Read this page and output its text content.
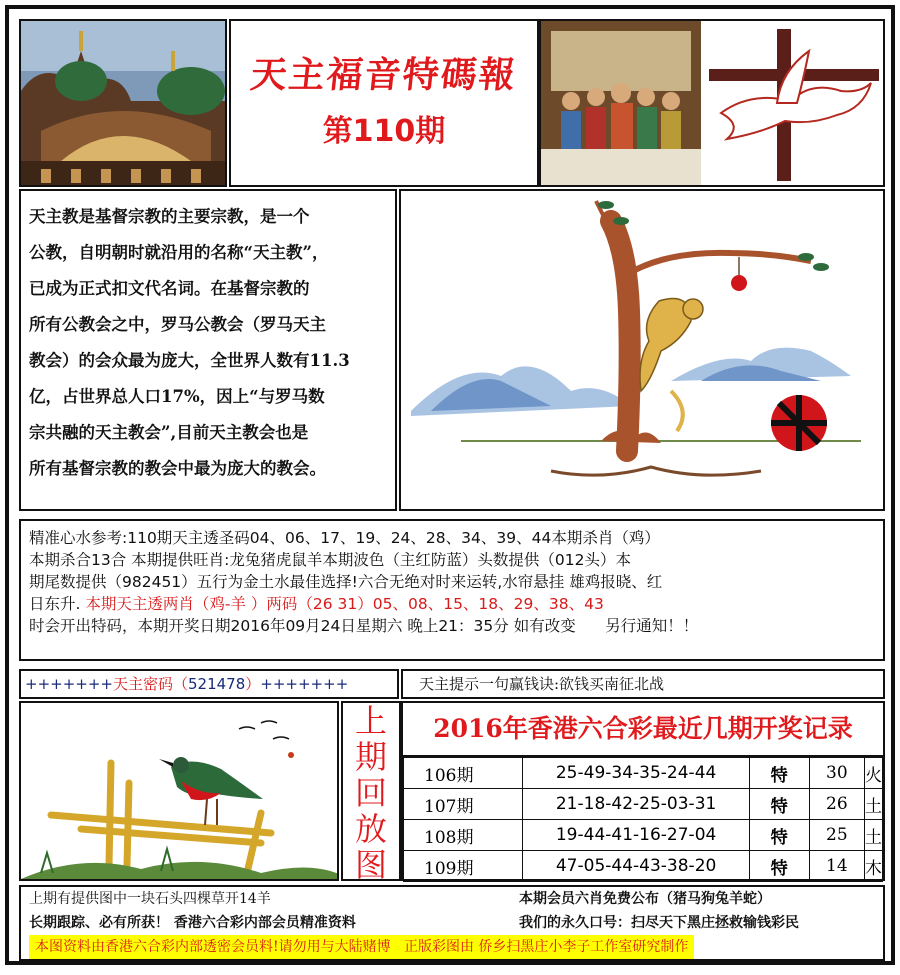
天主福音特碼報
第110期

天主教是基督宗教的主要宗教，是一个

公教，自明朝时就沿用的名称“天主教”，

已成为正式扣文代名词。在基督宗教的

所有公教会之中，罗马公教会（罗马天主

教会）的会众最为庞大，全世界人数有11.3

亿，占世界总人口17%，因上“与罗马数

宗共融的天主教会”,目前天主教会也是

所有基督宗教的教会中最为庞大的教会。

精准心水参考:110期天主透圣码04、06、17、19、24、28、34、39、44本期杀肖（鸡）

本期杀合13合 本期提供旺肖:龙兔猪虎鼠羊本期波色（主红防蓝）头数提供（012头）本

期尾数提供（982451）五行为金土水最佳选择!六合无绝对时来运转,水帘悬挂 雄鸡报晓、红

日东升. 本期天主透两肖（鸡-羊 ）两码（26 31）05、08、15、18、29、38、43

时会开出特码，本期开奖日期2016年09月24日星期六 晚上21：35分 如有改变      另行通知！！

+++++++天主密码（521478）+++++++	天主提示一句赢钱诀:欲钱买南征北战
上
期
回
放
图
2016年香港六合彩最近几期开奖记录
106期	25-49-34-35-24-44	特	30	火
107期	21-18-42-25-03-31	特	26	土
108期	19-44-41-16-27-04	特	25	土
109期	47-05-44-43-38-20	特	14	木
上期有提供图中一块石头四棵草开14羊	本期会员六肖免费公布（猪马狗兔羊蛇）
长期跟踪、必有所获！ 香港六合彩内部会员精准资料	我们的永久口号：扫尽天下黑庄拯救输钱彩民
本图资料由香港六合彩内部透密会员料!请勿用与大陆赌博   正版彩图由 侨乡扫黑庄小李子工作室研究制作
